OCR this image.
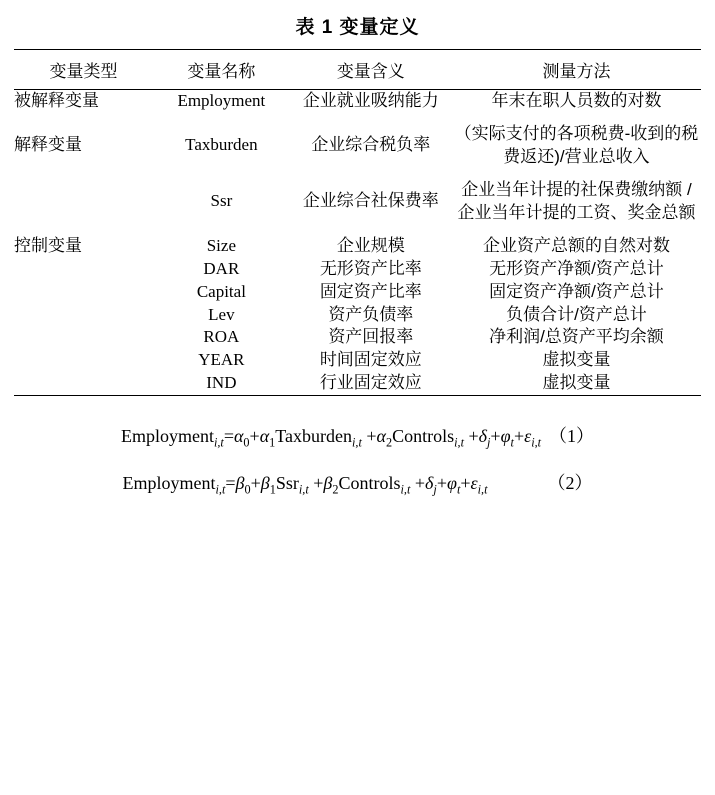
表 1 变量定义
变量类型	变量名称	变量含义	测量方法
被解释变量	Employment	企业就业吸纳能力	年末在职人员数的对数

解释变量	Taxburden	企业综合税负率	（实际支付的各项税费-收到的税费返还)/营业总收入

	Ssr	企业综合社保费率	企业当年计提的社保费缴纳额 / 企业当年计提的工资、奖金总额

控制变量	Size	企业规模	企业资产总额的自然对数
	DAR	无形资产比率	无形资产净额/资产总计
	Capital	固定资产比率	固定资产净额/资产总计
	Lev	资产负债率	负债合计/资产总计
	ROA	资产回报率	净利润/总资产平均余额
	YEAR	时间固定效应	虚拟变量
	IND	行业固定效应	虚拟变量
$Employment_{i,t}=\alpha_0+\alpha_1Taxburden_{i,t}$ $+\alpha_2Controls_{i,t} +\delta_j+\varphi_t+\varepsilon_{i,t}$ （1）
$Employment_{i,t}=\beta_0+\beta_1Ssr_{i,t}$ $+\beta_2Controls_{i,t} +\delta_j+\varphi_t+\varepsilon_{i,t}$	（2）
